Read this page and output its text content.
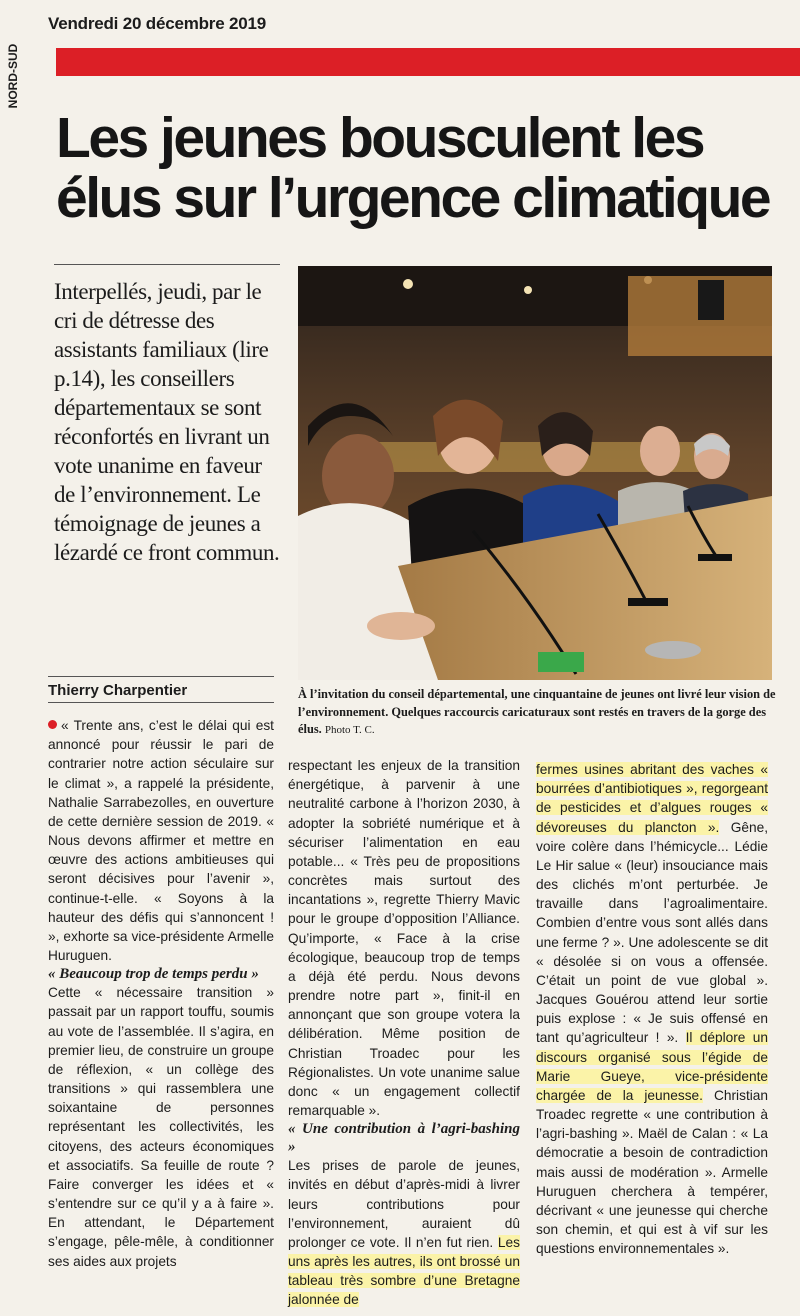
Vendredi 20 décembre 2019
NORD-SUD
Les jeunes bousculent les
élus sur l’urgence climatique
Interpellés, jeudi, par le cri de détresse des assistants familiaux (lire p.14), les conseillers départementaux se sont réconfortés en livrant un vote unanime en faveur de l’environnement. Le témoignage de jeunes a lézardé ce front commun.
À l’invitation du conseil départemental, une cinquantaine de jeunes ont livré leur vision de l’environnement. Quelques raccourcis caricaturaux sont restés en travers de la gorge des élus. Photo T. C.
Thierry Charpentier

« Trente ans, c’est le délai qui est annoncé pour réussir le pari de contrarier notre action séculaire sur le climat », a rappelé la présidente, Nathalie Sarrabezolles, en ouverture de cette dernière session de 2019. « Nous devons affirmer et mettre en œuvre des actions ambitieuses qui seront décisives pour l’avenir », continue-t-elle. « Soyons à la hauteur des défis qui s’annoncent ! », exhorte sa vice-présidente Armelle Huruguen.

« Beaucoup trop de temps perdu »

Cette « nécessaire transition » passait par un rapport touffu, soumis au vote de l’assemblée. Il s’agira, en premier lieu, de construire un groupe de réflexion, « un collège des transitions » qui rassemblera une soixantaine de personnes représentant les collectivités, les citoyens, des acteurs économiques et associatifs. Sa feuille de route ? Faire converger les idées et « s’entendre sur ce qu’il y a à faire ». En attendant, le Département s’engage, pêle-mêle, à conditionner ses aides aux projets

respectant les enjeux de la transition énergétique, à parvenir à une neutralité carbone à l’horizon 2030, à adopter la sobriété numérique et à sécuriser l’alimentation en eau potable... « Très peu de propositions concrètes mais surtout des incantations », regrette Thierry Mavic pour le groupe d’opposition l’Alliance. Qu’importe, « Face à la crise écologique, beaucoup trop de temps a déjà été perdu. Nous devons prendre notre part », finit-il en annonçant que son groupe votera la délibération. Même position de Christian Troadec pour les Régionalistes. Un vote unanime salue donc « un engagement collectif remarquable ».

« Une contribution à l’agri-bashing »

Les prises de parole de jeunes, invités en début d’après-midi à livrer leurs contributions pour l’environnement, auraient dû prolonger ce vote. Il n’en fut rien. Les uns après les autres, ils ont brossé un tableau très sombre d’une Bretagne jalonnée de

fermes usines abritant des vaches « bourrées d’antibiotiques », regorgeant de pesticides et d’algues rouges « dévoreuses du plancton ». Gêne, voire colère dans l’hémicycle... Lédie Le Hir salue « (leur) insouciance mais des clichés m’ont perturbée. Je travaille dans l’agroalimentaire. Combien d’entre vous sont allés dans une ferme ? ». Une adolescente se dit « désolée si on vous a offensée. C’était un point de vue global ». Jacques Gouérou attend leur sortie puis explose : « Je suis offensé en tant qu’agriculteur ! ». Il déplore un discours organisé sous l’égide de Marie Gueye, vice-présidente chargée de la jeunesse. Christian Troadec regrette « une contribution à l’agri-bashing ». Maël de Calan : « La démocratie a besoin de contradiction mais aussi de modération ». Armelle Huruguen cherchera à tempérer, décrivant « une jeunesse qui cherche son chemin, et qui est à vif sur les questions environnementales ».
